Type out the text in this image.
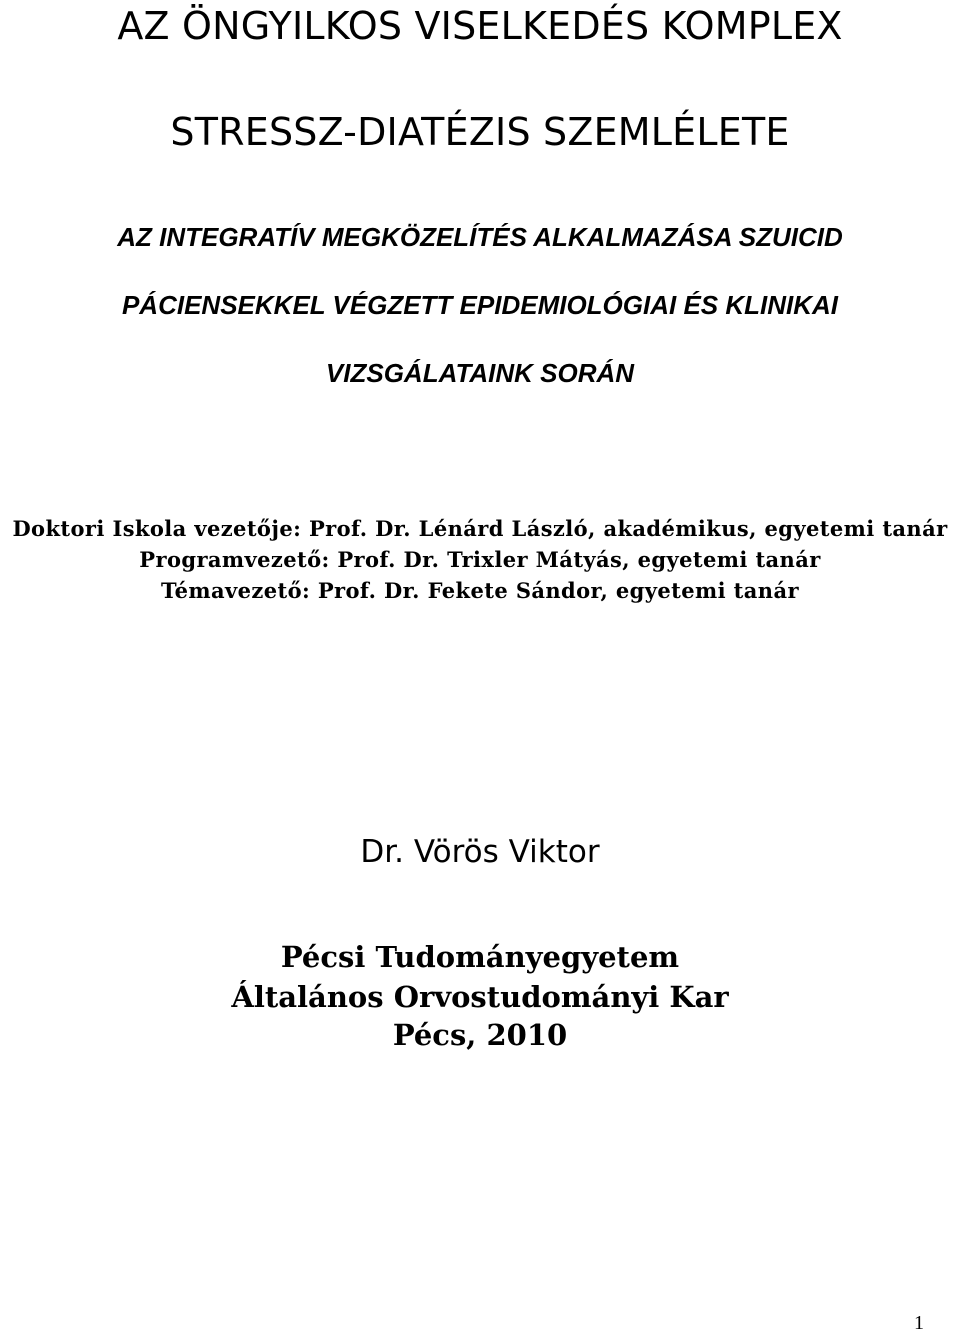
AZ ÖNGYILKOS VISELKEDÉS KOMPLEX
STRESSZ-DIATÉZIS SZEMLÉLETE
AZ INTEGRATÍV MEGKÖZELÍTÉS ALKALMAZÁSA SZUICID
PÁCIENSEKKEL VÉGZETT EPIDEMIOLÓGIAI ÉS KLINIKAI
VIZSGÁLATAINK SORÁN

Doktori Iskola vezetője: Prof. Dr. Lénárd László, akadémikus, egyetemi tanár

Programvezető: Prof. Dr. Trixler Mátyás, egyetemi tanár

Témavezető: Prof. Dr. Fekete Sándor, egyetemi tanár

Dr. Vörös Viktor

Pécsi Tudományegyetem

Általános Orvostudományi Kar

Pécs, 2010

1
